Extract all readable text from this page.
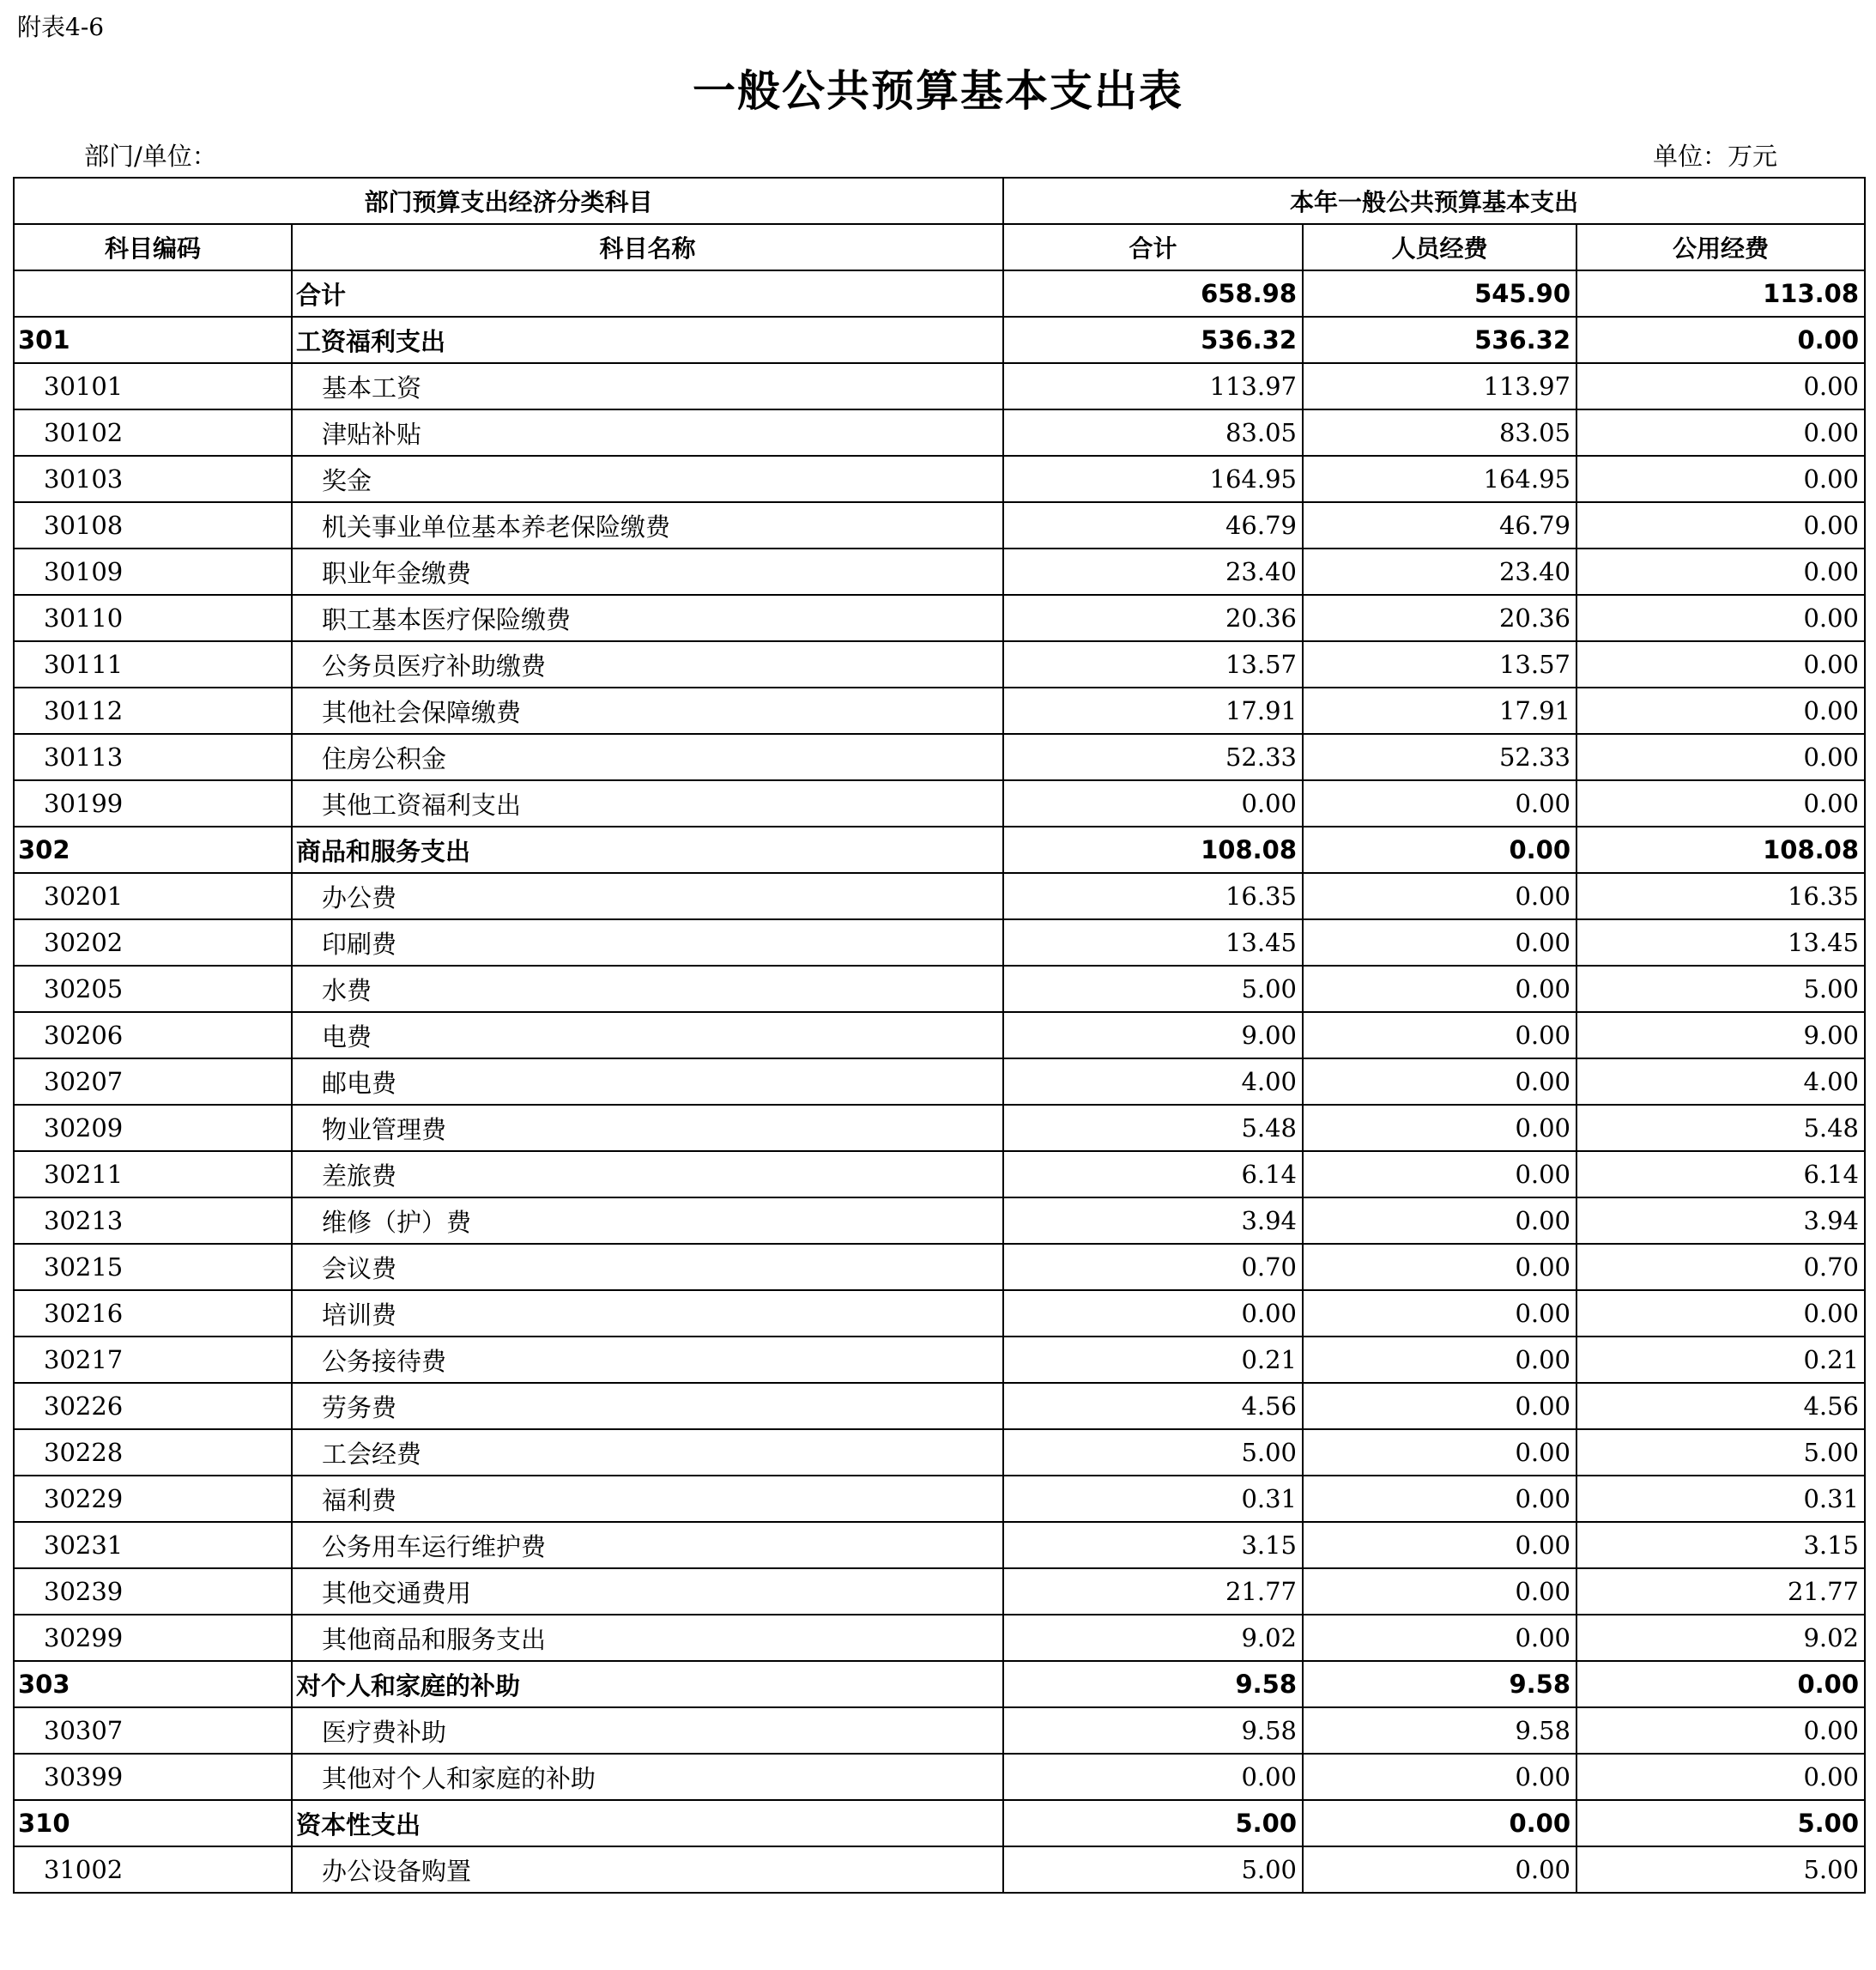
附表4-6
一般公共预算基本支出表
部门/单位：	单位：万元
部门预算支出经济分类科目		本年一般公共预算基本支出		
科目编码	科目名称	合计	人员经费	公用经费
	合计	658.98	545.90	113.08
301	工资福利支出	536.32	536.32	0.00
30101	基本工资	113.97	113.97	0.00
30102	津贴补贴	83.05	83.05	0.00
30103	奖金	164.95	164.95	0.00
30108	机关事业单位基本养老保险缴费	46.79	46.79	0.00
30109	职业年金缴费	23.40	23.40	0.00
30110	职工基本医疗保险缴费	20.36	20.36	0.00
30111	公务员医疗补助缴费	13.57	13.57	0.00
30112	其他社会保障缴费	17.91	17.91	0.00
30113	住房公积金	52.33	52.33	0.00
30199	其他工资福利支出	0.00	0.00	0.00
302	商品和服务支出	108.08	0.00	108.08
30201	办公费	16.35	0.00	16.35
30202	印刷费	13.45	0.00	13.45
30205	水费	5.00	0.00	5.00
30206	电费	9.00	0.00	9.00
30207	邮电费	4.00	0.00	4.00
30209	物业管理费	5.48	0.00	5.48
30211	差旅费	6.14	0.00	6.14
30213	维修（护）费	3.94	0.00	3.94
30215	会议费	0.70	0.00	0.70
30216	培训费	0.00	0.00	0.00
30217	公务接待费	0.21	0.00	0.21
30226	劳务费	4.56	0.00	4.56
30228	工会经费	5.00	0.00	5.00
30229	福利费	0.31	0.00	0.31
30231	公务用车运行维护费	3.15	0.00	3.15
30239	其他交通费用	21.77	0.00	21.77
30299	其他商品和服务支出	9.02	0.00	9.02
303	对个人和家庭的补助	9.58	9.58	0.00
30307	医疗费补助	9.58	9.58	0.00
30399	其他对个人和家庭的补助	0.00	0.00	0.00
310	资本性支出	5.00	0.00	5.00
31002	办公设备购置	5.00	0.00	5.00
